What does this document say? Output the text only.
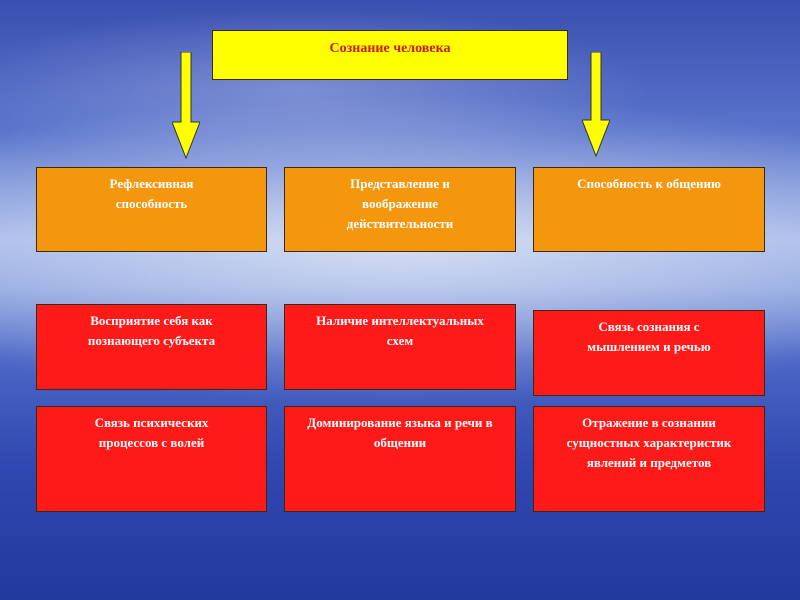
Сознание человека
Рефлексивная способность
Представление и воображение действительности
Способность к общению
Восприятие себя как познающего субъекта
Наличие интеллектуальных схем
Связь сознания с мышлением и речью
Связь психических процессов с волей
Доминирование языка и речи в общении
Отражение в сознании сущностных характеристик явлений и предметов
